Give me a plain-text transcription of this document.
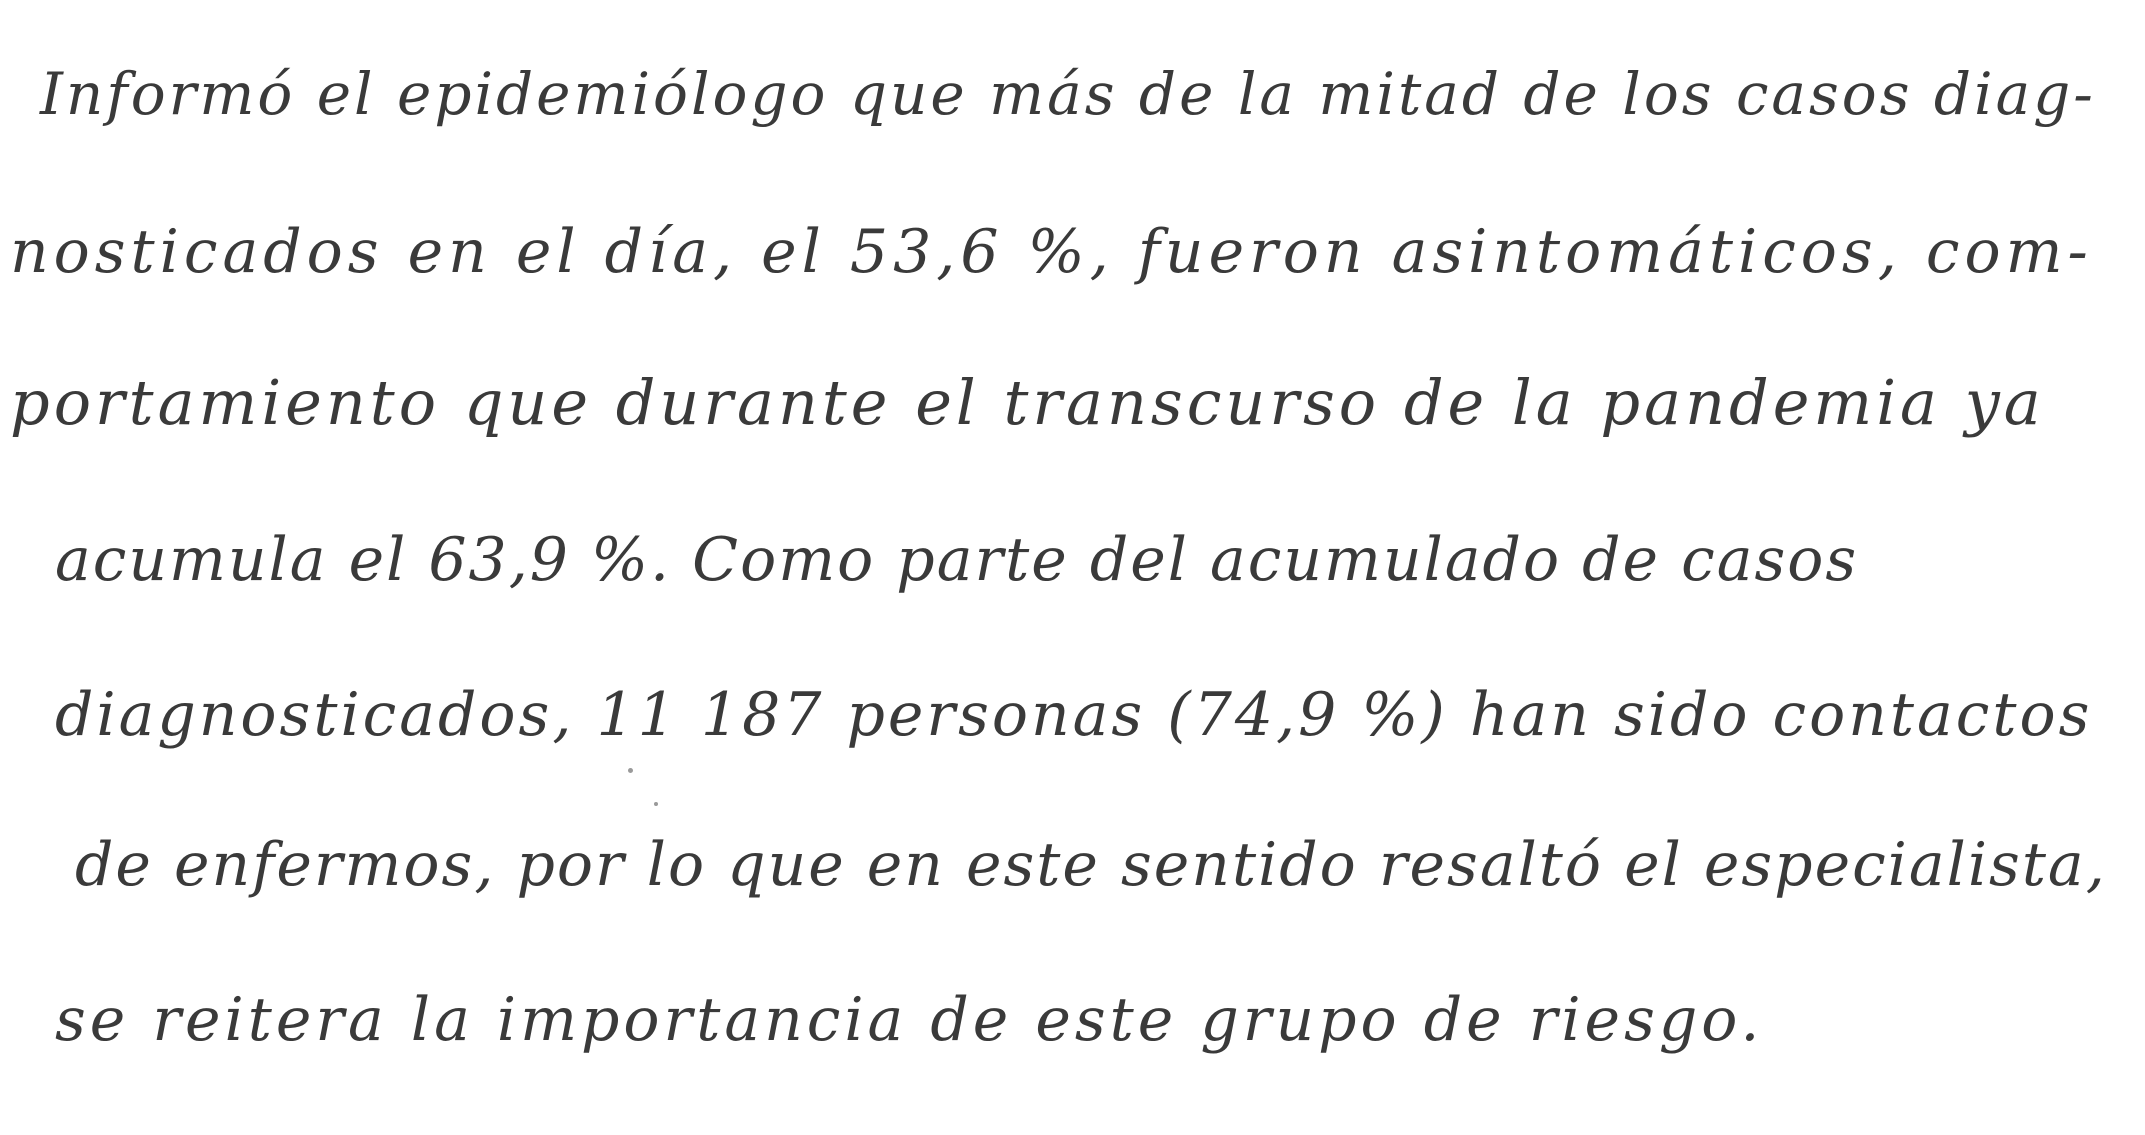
Informó el epidemiólogo que más de la mitad de los casos diag-

nosticados en el día, el 53,6 %, fueron asintomáticos, com-

portamiento que durante el transcurso de la pandemia ya

acumula el 63,9 %. Como parte del acumulado de casos

diagnosticados, 11 187 personas (74,9 %) han sido contactos

de enfermos, por lo que en este sentido resaltó el especialista,

se reitera la importancia de este grupo de riesgo.
